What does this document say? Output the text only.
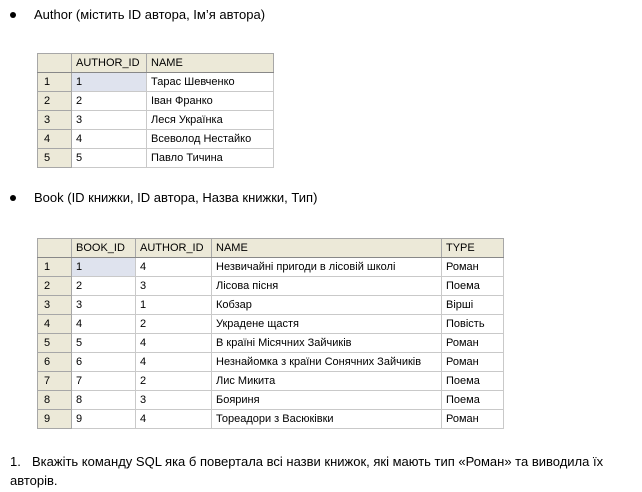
Author (містить ID автора, Ім’я автора)
	AUTHOR_ID	NAME
1	1	Тарас Шевченко
2	2	Іван Франко
3	3	Леся Українка
4	4	Всеволод Нестайко
5	5	Павло Тичина
Book (ID книжки, ID автора, Назва книжки, Тип)
	BOOK_ID	AUTHOR_ID	NAME	TYPE
1	1	4	Незвичайні пригоди в лісовій школі	Роман
2	2	3	Лісова пісня	Поема
3	3	1	Кобзар	Вірші
4	4	2	Украдене щастя	Повість
5	5	4	В країні Місячних Зайчиків	Роман
6	6	4	Незнайомка з країни Сонячних Зайчиків	Роман
7	7	2	Лис Микита	Поема
8	8	3	Бояриня	Поема
9	9	4	Тореадори з Васюківки	Роман
1. Вкажіть команду SQL яка б повертала всі назви книжок, які мають тип «Роман» та виводила їх авторів.
